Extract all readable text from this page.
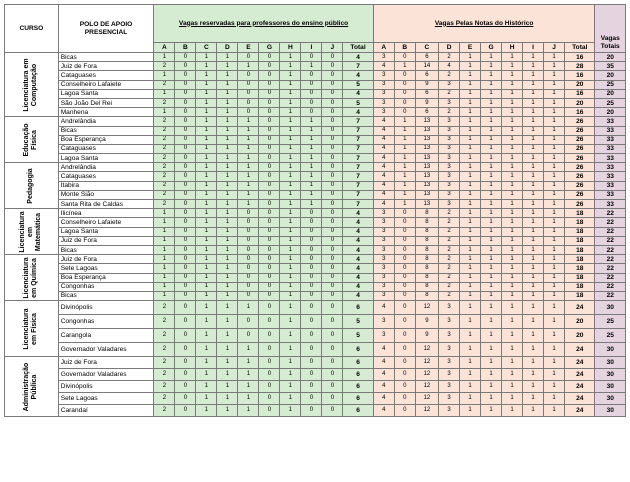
CURSO	POLO DE APOIO PRESENCIAL	Vagas reservadas para professores do ensino público										Vagas Pelas Notas do Histórico										Vagas Totais
		A	B	C	D	E	G	H	I	J	Total	A	B	C	D	E	G	H	I	J	Total	

Licenciatura em Computação	Bicas	1	0	1	1	0	0	1	0	0	4	3	0	6	2	1	1	1	1	1	16	20
	Juiz de Fora	2	0	1	1	1	0	1	1	0	7	4	1	14	4	1	1	1	1	1	28	35
	Cataguases	1	0	1	1	0	0	1	0	0	4	3	0	6	2	1	1	1	1	1	16	20
	Conselheiro Lafaiete	2	0	1	1	0	0	1	0	0	5	3	0	9	3	1	1	1	1	1	20	25
	Lagoa Santa	1	0	1	1	0	0	1	0	0	4	3	0	6	2	1	1	1	1	1	16	20
	São João Del Rei	2	0	1	1	0	0	1	0	0	5	3	0	9	3	1	1	1	1	1	20	25
	Manhena	1	0	1	1	0	0	1	0	0	4	3	0	6	2	1	1	1	1	1	16	20

Educação Física	Andrelândia	2	0	1	1	1	0	1	1	0	7	4	1	13	3	1	1	1	1	1	26	33
	Bicas	2	0	1	1	1	0	1	1	0	7	4	1	13	3	1	1	1	1	1	26	33
	Boa Esperança	2	0	1	1	1	0	1	1	0	7	4	1	13	3	1	1	1	1	1	26	33
	Cataguases	2	0	1	1	1	0	1	1	0	7	4	1	13	3	1	1	1	1	1	26	33
	Lagoa Santa	2	0	1	1	1	0	1	1	0	7	4	1	13	3	1	1	1	1	1	26	33

Pedagogia	Andrelândia	2	0	1	1	1	0	1	1	0	7	4	1	13	3	1	1	1	1	1	26	33
	Cataguases	2	0	1	1	1	0	1	1	0	7	4	1	13	3	1	1	1	1	1	26	33
	Itabira	2	0	1	1	1	0	1	1	0	7	4	1	13	3	1	1	1	1	1	26	33
	Monte Sião	2	0	1	1	1	0	1	1	0	7	4	1	13	3	1	1	1	1	1	26	33
	Santa Rita de Caldas	2	0	1	1	1	0	1	1	0	7	4	1	13	3	1	1	1	1	1	26	33

Licenciatura em Matemática	Ilicínea	1	0	1	1	0	0	1	0	0	4	3	0	8	2	1	1	1	1	1	18	22
	Conselheiro Lafaiete	1	0	1	1	0	0	1	0	0	4	3	0	8	2	1	1	1	1	1	18	22
	Lagoa Santa	1	0	1	1	0	0	1	0	0	4	3	0	8	2	1	1	1	1	1	18	22
	Juiz de Fora	1	0	1	1	0	0	1	0	0	4	3	0	8	2	1	1	1	1	1	18	22
	Bicas	1	0	1	1	0	0	1	0	0	4	3	0	8	2	1	1	1	1	1	18	22

Licenciatura em Química	Juiz de Fora	1	0	1	1	0	0	1	0	0	4	3	0	8	2	1	1	1	1	1	18	22
	Sete Lagoas	1	0	1	1	0	0	1	0	0	4	3	0	8	2	1	1	1	1	1	18	22
	Boa Esperança	1	0	1	1	0	0	1	0	0	4	3	0	8	2	1	1	1	1	1	18	22
	Congonhas	1	0	1	1	0	0	1	0	0	4	3	0	8	2	1	1	1	1	1	18	22
	Bicas	1	0	1	1	0	0	1	0	0	4	3	0	8	2	1	1	1	1	1	18	22

Licenciatura em Física	Divinópolis	2	0	1	1	1	0	1	0	0	6	4	0	12	3	1	1	1	1	1	24	30
	Congonhas	2	0	1	1	0	0	1	0	0	5	3	0	9	3	1	1	1	1	1	20	25
	Carangola	2	0	1	1	0	0	1	0	0	5	3	0	9	3	1	1	1	1	1	20	25
	Governador Valadares	2	0	1	1	1	0	1	0	0	6	4	0	12	3	1	1	1	1	1	24	30

Administração Pública	Juiz de Fora	2	0	1	1	1	0	1	0	0	6	4	0	12	3	1	1	1	1	1	24	30
	Governador Valadares	2	0	1	1	1	0	1	0	0	6	4	0	12	3	1	1	1	1	1	24	30
	Divinópolis	2	0	1	1	1	0	1	0	0	6	4	0	12	3	1	1	1	1	1	24	30
	Sete Lagoas	2	0	1	1	1	0	1	0	0	6	4	0	12	3	1	1	1	1	1	24	30
	Carandaí	2	0	1	1	1	0	1	0	0	6	4	0	12	3	1	1	1	1	1	24	30
